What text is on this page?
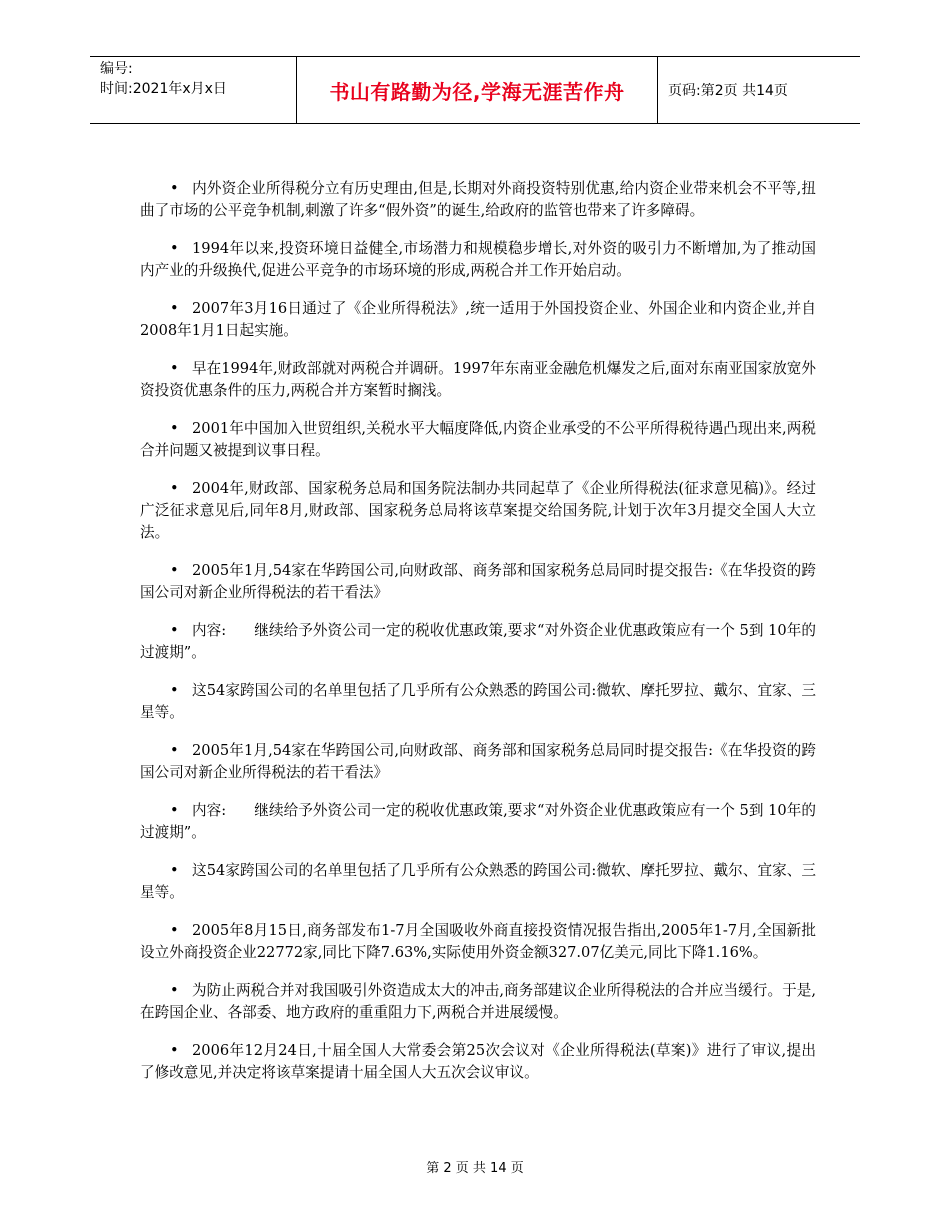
编号:
时间:2021年x月x日	书山有路勤为径,学海无涯苦作舟	页码:第2页 共14页

• 内外资企业所得税分立有历史理由,但是,长期对外商投资特别优惠,给内资企业带来机会不平等,扭曲了市场的公平竞争机制,刺激了许多“假外资”的诞生,给政府的监管也带来了许多障碍。

• 1994年以来,投资环境日益健全,市场潜力和规模稳步增长,对外资的吸引力不断增加,为了推动国内产业的升级换代,促进公平竞争的市场环境的形成,两税合并工作开始启动。

• 2007年3月16日通过了《企业所得税法》,统一适用于外国投资企业、外国企业和内资企业,并自2008年1月1日起实施。

• 早在1994年,财政部就对两税合并调研。1997年东南亚金融危机爆发之后,面对东南亚国家放宽外资投资优惠条件的压力,两税合并方案暂时搁浅。

• 2001年中国加入世贸组织,关税水平大幅度降低,内资企业承受的不公平所得税待遇凸现出来,两税合并问题又被提到议事日程。

• 2004年,财政部、国家税务总局和国务院法制办共同起草了《企业所得税法(征求意见稿)》。经过广泛征求意见后,同年8月,财政部、国家税务总局将该草案提交给国务院,计划于次年3月提交全国人大立法。

• 2005年1月,54家在华跨国公司,向财政部、商务部和国家税务总局同时提交报告:《在华投资的跨国公司对新企业所得税法的若干看法》

• 内容:      继续给予外资公司一定的税收优惠政策,要求“对外资企业优惠政策应有一个 5到 10年的过渡期”。

• 这54家跨国公司的名单里包括了几乎所有公众熟悉的跨国公司:微软、摩托罗拉、戴尔、宜家、三星等。

• 2005年1月,54家在华跨国公司,向财政部、商务部和国家税务总局同时提交报告:《在华投资的跨国公司对新企业所得税法的若干看法》

• 内容:      继续给予外资公司一定的税收优惠政策,要求“对外资企业优惠政策应有一个 5到 10年的过渡期”。

• 这54家跨国公司的名单里包括了几乎所有公众熟悉的跨国公司:微软、摩托罗拉、戴尔、宜家、三星等。

• 2005年8月15日,商务部发布1-7月全国吸收外商直接投资情况报告指出,2005年1-7月,全国新批设立外商投资企业22772家,同比下降7.63%,实际使用外资金额327.07亿美元,同比下降1.16%。

• 为防止两税合并对我国吸引外资造成太大的冲击,商务部建议企业所得税法的合并应当缓行。于是,在跨国企业、各部委、地方政府的重重阻力下,两税合并进展缓慢。

• 2006年12月24日,十届全国人大常委会第25次会议对《企业所得税法(草案)》进行了审议,提出了修改意见,并决定将该草案提请十届全国人大五次会议审议。

第 2 页 共 14 页
